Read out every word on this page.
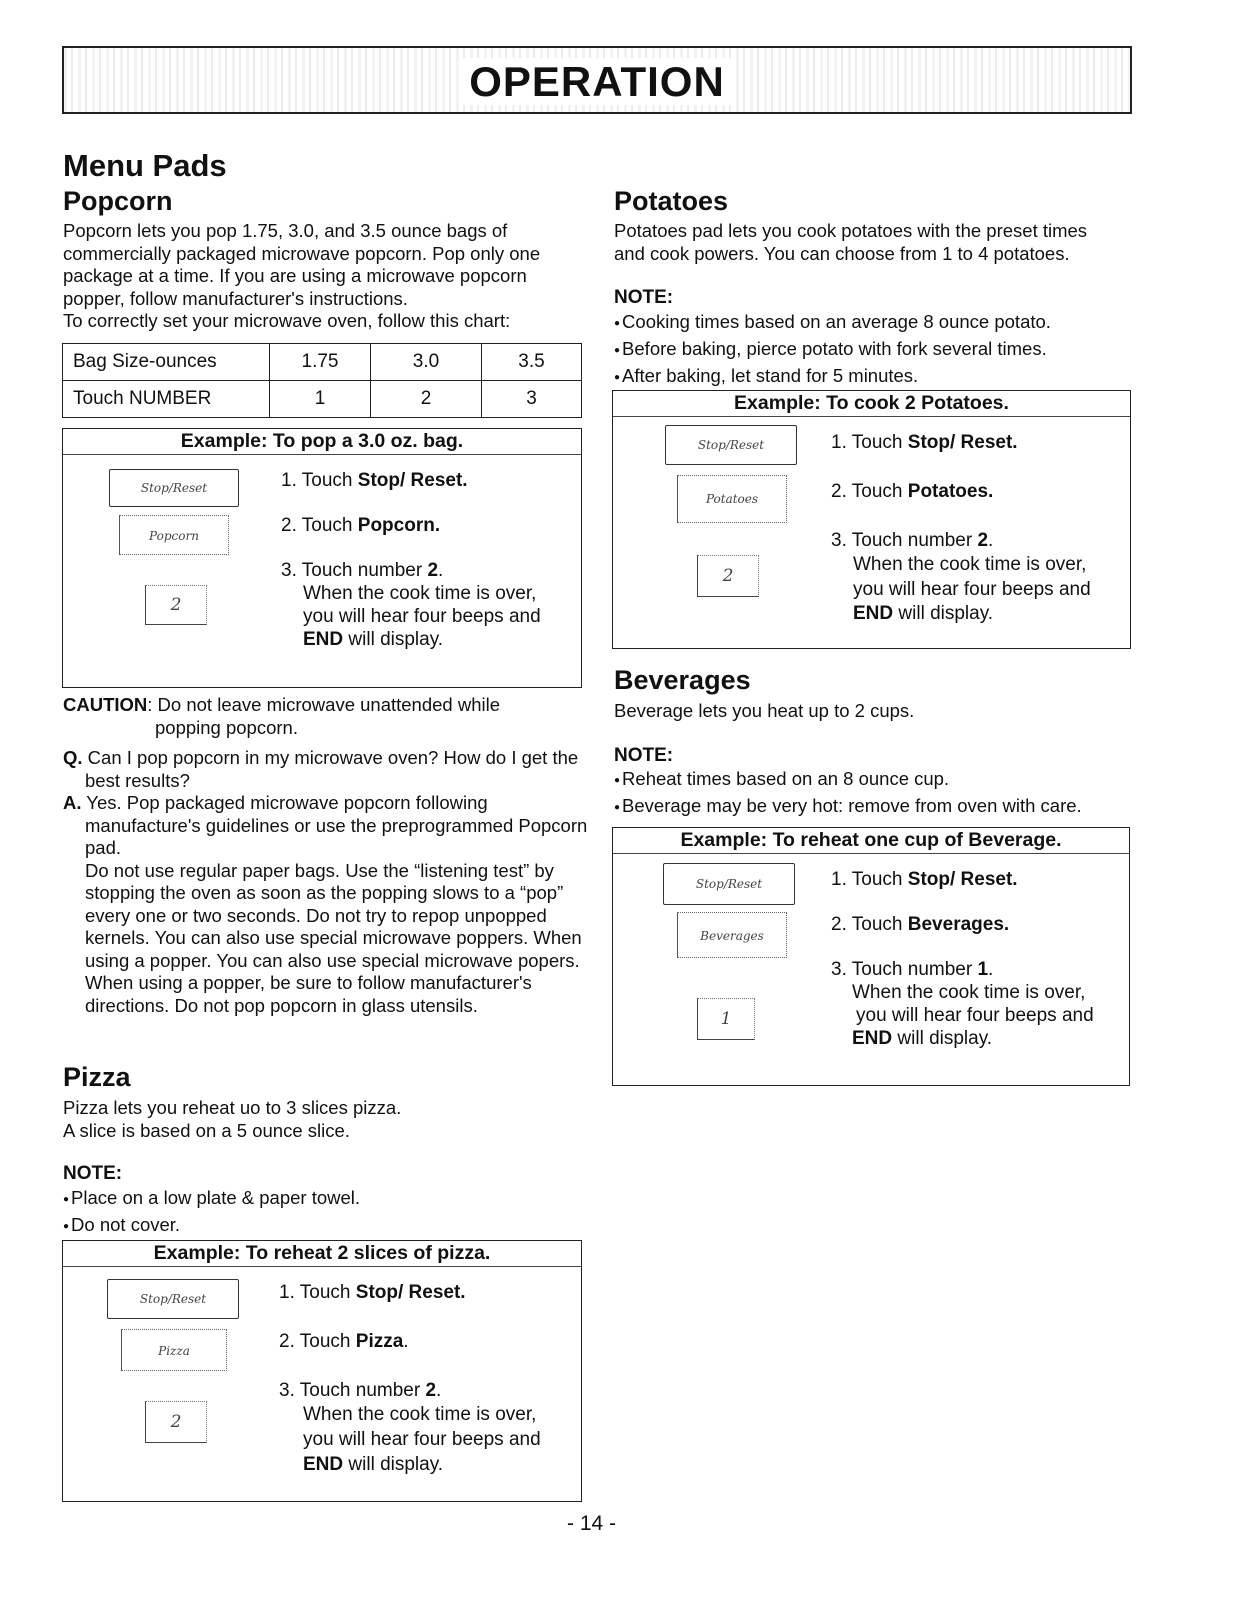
OPERATION
Menu Pads
Popcorn
Popcorn lets you pop 1.75, 3.0, and 3.5 ounce bags of
commercially packaged microwave popcorn. Pop only one
package at a time. If you are using a microwave popcorn
popper, follow manufacturer's instructions.
To correctly set your microwave oven, follow this chart:
Bag Size-ounces	1.75	3.0	3.5
Touch NUMBER	1	2	3
Example: To pop a 3.0 oz. bag.
Stop/Reset
Popcorn
2
1. Touch Stop/ Reset.
2. Touch Popcorn.
3. Touch number 2.
When the cook time is over,
you will hear four beeps and
END will display.
CAUTION: Do not leave microwave unattended while
popping popcorn.
Q. Can I pop popcorn in my microwave oven? How do I get the
best results?
A. Yes. Pop packaged microwave popcorn following
manufacture's guidelines or use the preprogrammed Popcorn
pad.
Do not use regular paper bags. Use the “listening test” by
stopping the oven as soon as the popping slows to a “pop”
every one or two seconds. Do not try to repop unpopped
kernels. You can also use special microwave poppers. When
using a popper. You can also use special microwave popers.
When using a popper, be sure to follow manufacturer's
directions. Do not pop popcorn in glass utensils.
Pizza
Pizza lets you reheat uo to 3 slices pizza.
A slice is based on a 5 ounce slice.
NOTE:
● Place on a low plate & paper towel.
● Do not cover.
Example: To reheat 2 slices of pizza.
Stop/Reset
Pizza
2
1. Touch Stop/ Reset.
2. Touch Pizza.
3. Touch number 2.
When the cook time is over,
you will hear four beeps and
END will display.
Potatoes
Potatoes pad lets you cook potatoes with the preset times
and cook powers. You can choose from 1 to 4 potatoes.
NOTE:
● Cooking times based on an average 8 ounce potato.
● Before baking, pierce potato with fork several times.
● After baking, let stand for 5 minutes.
Example: To cook 2 Potatoes.
Stop/Reset
Potatoes
2
1. Touch Stop/ Reset.
2. Touch Potatoes.
3. Touch number 2.
When the cook time is over,
you will hear four beeps and
END will display.
Beverages
Beverage lets you heat up to 2 cups.
NOTE:
● Reheat times based on an 8 ounce cup.
● Beverage may be very hot: remove from oven with care.
Example: To reheat one cup of Beverage.
Stop/Reset
Beverages
1
1. Touch Stop/ Reset.
2. Touch Beverages.
3. Touch number 1.
When the cook time is over,
you will hear four beeps and
END will display.
- 14 -
